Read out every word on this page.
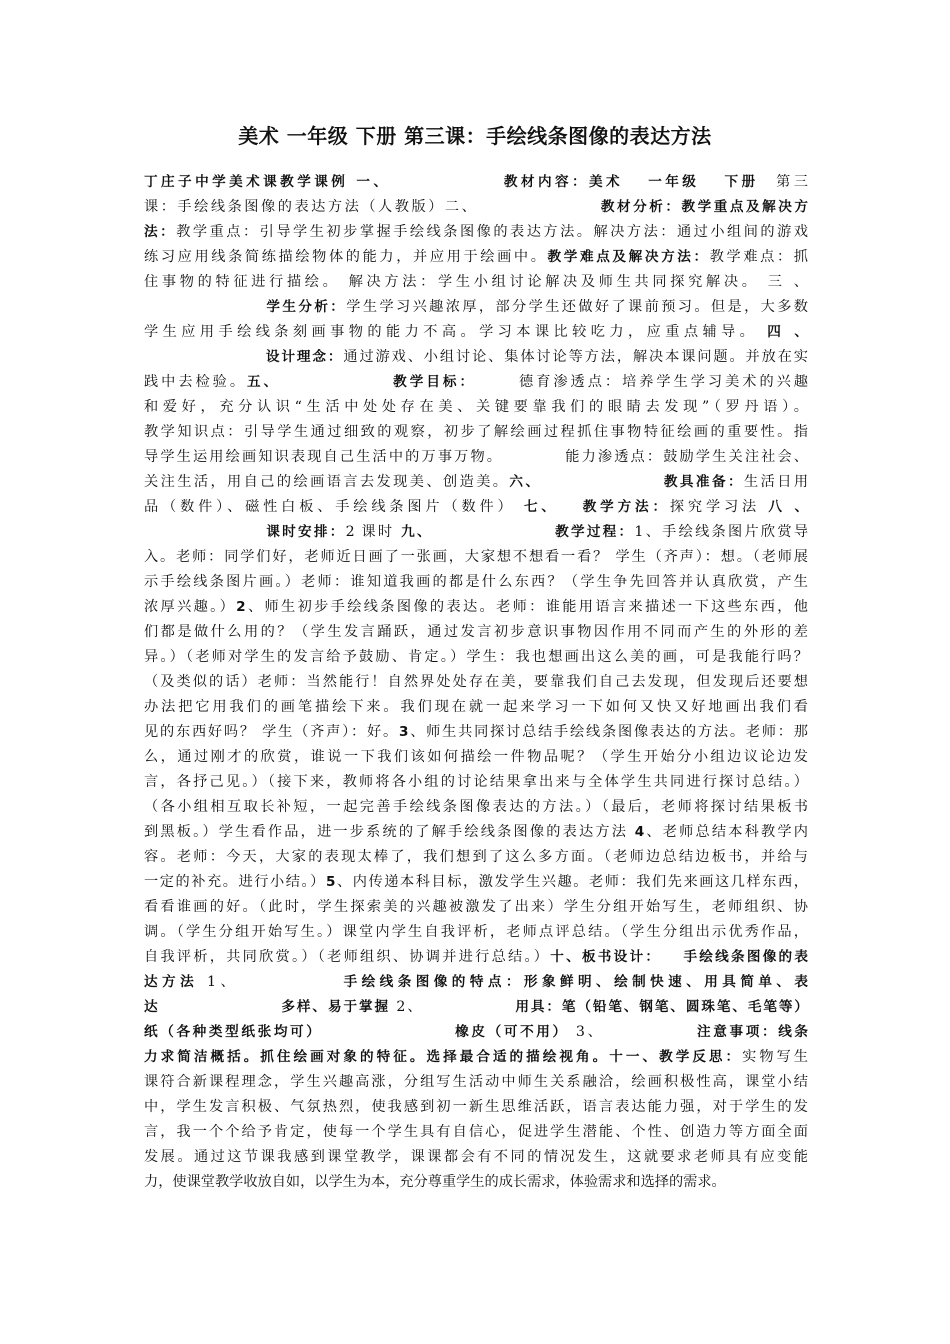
美术 一年级 下册 第三课：手绘线条图像的表达方法
丁庄子中学美术课教学课例 一、	教材内容：美术　 一年级　 下册　第三
课：手绘线条图像的表达方法（人教版）二、	教材分析：教学重点及解决方
法：教学重点：引导学生初步掌握手绘线条图像的表达方法。解决方法：通过小组间的游戏
练习应用线条简练描绘物体的能力，并应用于绘画中。教学难点及解决方法：教学难点：抓
住事物的特征进行描绘。 解决方法：学生小组讨论解决及师生共同探究解决。 三 、
学生分析：学生学习兴趣浓厚，部分学生还做好了课前预习。但是，大多数
学生应用手绘线条刻画事物的能力不高。学习本课比较吃力，应重点辅导。 四 、
设计理念：通过游戏、小组讨论、集体讨论等方法，解决本课问题。并放在实
践中去检验。五、	教学目标：	德育渗透点：培养学生学习美术的兴趣
和爱好，充分认识“生活中处处存在美、关键要靠我们的眼睛去发现”（罗丹语）。
教学知识点：引导学生通过细致的观察，初步了解绘画过程抓住事物特征绘画的重要性。指
导学生运用绘画知识表现自己生活中的万事万物。	能力渗透点：鼓励学生关注社会、
关注生活，用自己的绘画语言去发现美、创造美。六、	教具准备：生活日用
品（数件）、磁性白板、手绘线条图片（数件） 七、 教学方法：探究学习法 八 、
课时安排：2 课时 九、	教学过程：1、手绘线条图片欣赏导
入。老师：同学们好，老师近日画了一张画，大家想不想看一看？ 学生（齐声）：想。（老师展
示手绘线条图片画。）老师：谁知道我画的都是什么东西？（学生争先回答并认真欣赏，产生
浓厚兴趣。）2、师生初步手绘线条图像的表达。老师：谁能用语言来描述一下这些东西，他
们都是做什么用的？（学生发言踊跃，通过发言初步意识事物因作用不同而产生的外形的差
异。）（老师对学生的发言给予鼓励、肯定。）学生：我也想画出这么美的画，可是我能行吗？
（及类似的话）老师：当然能行！自然界处处存在美，要靠我们自己去发现，但发现后还要想
办法把它用我们的画笔描绘下来。我们现在就一起来学习一下如何又快又好地画出我们看
见的东西好吗？ 学生（齐声）：好。3、师生共同探讨总结手绘线条图像表达的方法。老师：那
么，通过刚才的欣赏，谁说一下我们该如何描绘一件物品呢？（学生开始分小组边议论边发
言，各抒己见。）（接下来，教师将各小组的讨论结果拿出来与全体学生共同进行探讨总结。）
（各小组相互取长补短，一起完善手绘线条图像表达的方法。）（最后，老师将探讨结果板书
到黑板。）学生看作品，进一步系统的了解手绘线条图像的表达方法 4、老师总结本科教学内
容。老师：今天，大家的表现太棒了，我们想到了这么多方面。（老师边总结边板书，并给与
一定的补充。进行小结。）5、内传递本科目标，激发学生兴趣。老师：我们先来画这几样东西，
看看谁画的好。（此时，学生探索美的兴趣被激发了出来）学生分组开始写生，老师组织、协
调。（学生分组开始写生。）课堂内学生自我评析，老师点评总结。（学生分组出示优秀作品，
自我评析，共同欣赏。）（老师组织、协调并进行总结。）十、板书设计： 手绘线条图像的表
达方法 1、	手绘线条图像的特点：形象鲜明、绘制快速、用具简单、表
达	多样、易于掌握 2、	用具：笔（铅笔、钢笔、圆珠笔、毛笔等）
纸（各种类型纸张均可）	橡皮（可不用） 3、	注意事项：线条
力求简洁概括。抓住绘画对象的特征。选择最合适的描绘视角。十一、教学反思：实物写生
课符合新课程理念，学生兴趣高涨，分组写生活动中师生关系融洽，绘画积极性高，课堂小结
中，学生发言积极、气氛热烈，使我感到初一新生思维活跃，语言表达能力强，对于学生的发
言，我一个个给予肯定，使每一个学生具有自信心，促进学生潜能、个性、创造力等方面全面
发展。通过这节课我感到课堂教学，课课都会有不同的情况发生，这就要求老师具有应变能
力，使课堂教学收放自如，以学生为本，充分尊重学生的成长需求，体验需求和选择的需求。
